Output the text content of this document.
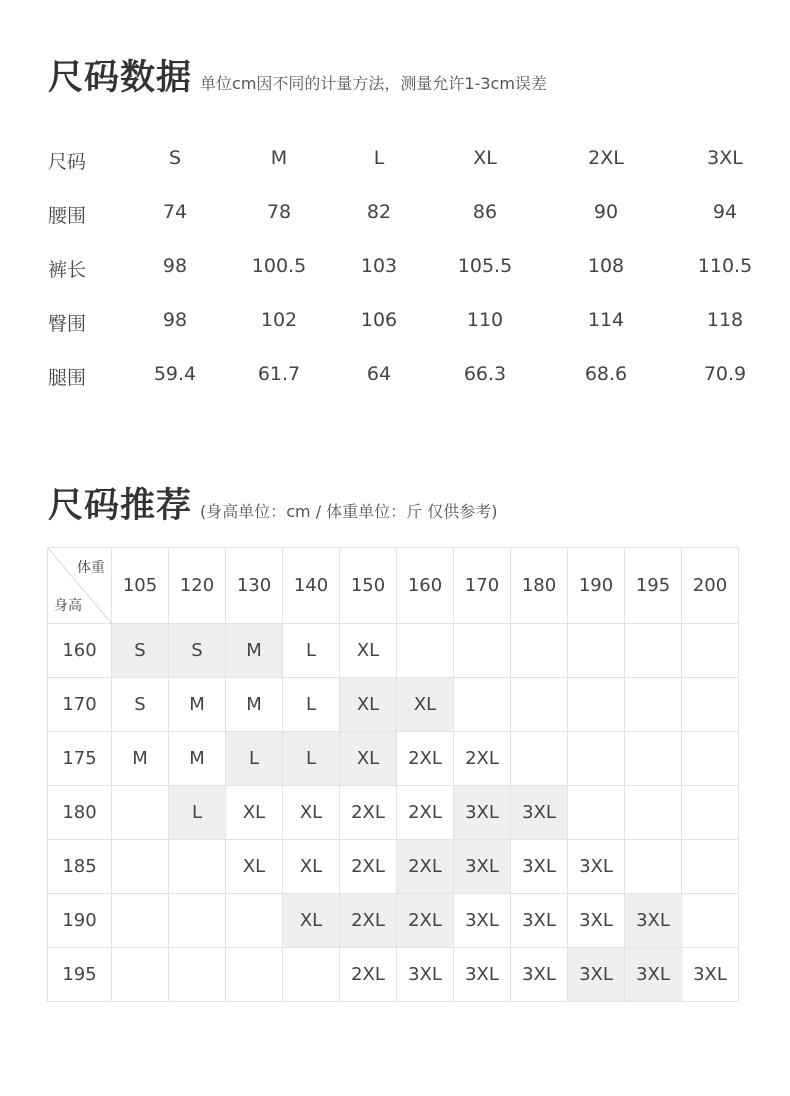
尺码数据 单位cm因不同的计量方法，测量允许1-3cm误差
尺码	S	M	L	XL	2XL	3XL
腰围	74	78	82	86	90	94
裤长	98	100.5	103	105.5	108	110.5
臀围	98	102	106	110	114	118
腿围	59.4	61.7	64	66.3	68.6	70.9
尺码推荐 (身高单位：cm / 体重单位：斤 仅供参考)
体重
身高	105	120	130	140	150	160	170	180	190	195	200
160	S	S	M	L	XL						
170	S	M	M	L	XL	XL					
175	M	M	L	L	XL	2XL	2XL				
180		L	XL	XL	2XL	2XL	3XL	3XL			
185			XL	XL	2XL	2XL	3XL	3XL	3XL		
190				XL	2XL	2XL	3XL	3XL	3XL	3XL	
195					2XL	3XL	3XL	3XL	3XL	3XL	3XL
